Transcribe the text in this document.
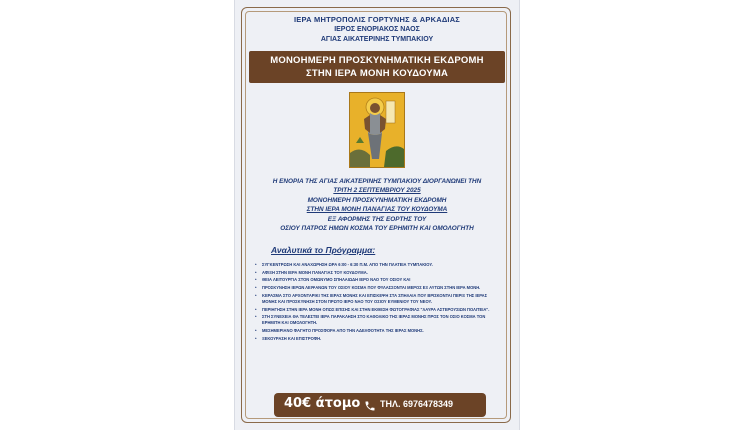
ΙΕΡΑ ΜΗΤΡΟΠΟΛΙΣ ΓΟΡΤΥΝΗΣ & ΑΡΚΑΔΙΑΣ
ΙΕΡΟΣ ΕΝΟΡΙΑΚΟΣ ΝΑΟΣ
ΑΓΙΑΣ ΑΙΚΑΤΕΡΙΝΗΣ ΤΥΜΠΑΚΙΟΥ
ΜΟΝΟΗΜΕΡΗ ΠΡΟΣΚΥΝΗΜΑΤΙΚΗ ΕΚΔΡΟΜΗ
ΣΤΗΝ ΙΕΡΑ ΜΟΝΗ ΚΟΥΔΟΥΜΑ
Η ΕΝΟΡΙΑ ΤΗΣ ΑΓΙΑΣ ΑΙΚΑΤΕΡΙΝΗΣ ΤΥΜΠΑΚΙΟΥ ΔΙΟΡΓΑΝΩΝΕΙ ΤΗΝ
ΤΡΙΤΗ 2 ΣΕΠΤΕΜΒΡΙΟΥ 2025
ΜΟΝΟΗΜΕΡΗ ΠΡΟΣΚΥΝΗΜΑΤΙΚΗ ΕΚΔΡΟΜΗ
ΣΤΗΝ ΙΕΡΑ ΜΟΝΗ ΠΑΝΑΓΙΑΣ ΤΟΥ ΚΟΥΔΟΥΜΑ
ΕΞ ΑΦΟΡΜΗΣ ΤΗΣ ΕΟΡΤΗΣ ΤΟΥ
ΟΣΙΟΥ ΠΑΤΡΟΣ ΗΜΩΝ ΚΟΣΜΑ ΤΟΥ ΕΡΗΜΙΤΗ ΚΑΙ ΟΜΟΛΟΓΗΤΗ
Αναλυτικά το Πρόγραμμα:
• ΣΥΓΚΕΝΤΡΩΣΗ ΚΑΙ ΑΝΑΧΩΡΗΣΗ ΩΡΑ 6:00 - 6:30 Π.Μ. ΑΠΟ ΤΗΝ ΠΛΑΤΕΙΑ ΤΥΜΠΑΚΙΟΥ.
• ΑΦΙΞΗ ΣΤΗΝ ΙΕΡΑ ΜΟΝΗ ΠΑΝΑΓΙΑΣ ΤΟΥ ΚΟΥΔΟΥΜΑ.
• ΘΕΙΑ ΛΕΙΤΟΥΡΓΙΑ ΣΤΟΝ ΟΜΩΝΥΜΟ ΣΠΗΛΑΙΩΔΗ ΙΕΡΟ ΝΑΟ ΤΟΥ ΟΣΙΟΥ ΚΑΙ
• ΠΡΟΣΚΥΝΗΣΗ ΙΕΡΩΝ ΛΕΙΨΑΝΩΝ ΤΟΥ ΟΣΙΟΥ ΚΟΣΜΑ ΠΟΥ ΦΥΛΑΣΣΟΝΤΑΙ ΜΕΡΟΣ ΕΞ ΑΥΤΩΝ ΣΤΗΝ ΙΕΡΑ ΜΟΝΗ.
• ΚΕΡΑΣΜΑ ΣΤΟ ΑΡΧΟΝΤΑΡΙΚΙ ΤΗΣ ΙΕΡΑΣ ΜΟΝΗΣ ΚΑΙ ΕΠΙΣΚΕΨΗ ΣΤΑ ΣΠΗΛΑΙΑ ΠΟΥ ΒΡΙΣΚΟΝΤΑΙ ΠΕΡΙΞ ΤΗΣ ΙΕΡΑΣ ΜΟΝΗΣ ΚΑΙ ΠΡΟΣΚΥΝΗΣΗ ΣΤΟΝ ΠΡΩΤΟ ΙΕΡΟ ΝΑΟ ΤΟΥ ΟΣΙΟΥ ΕΥΜΕΝΙΟΥ ΤΟΥ ΝΕΟΥ.
• ΠΕΡΙΗΓΗΣΗ ΣΤΗΝ ΙΕΡΑ ΜΟΝΗ ΟΠΩΣ ΕΠΙΣΗΣ ΚΑΙ ΣΤΗΝ ΕΚΘΕΣΗ ΦΩΤΟΓΡΑΦΙΑΣ "ΛΑΥΡΑ ΑΣΤΕΡΟΥΣΙΩΝ ΠΟΛΙΤΕΙΑ".
• ΣΤΗ ΣΥΝΕΧΕΙΑ ΘΑ ΤΕΛΕΣΤΕΙ ΙΕΡΑ ΠΑΡΑΚΛΗΣΗ ΣΤΟ ΚΑΘΟΛΙΚΟ ΤΗΣ ΙΕΡΑΣ ΜΟΝΗΣ ΠΡΟΣ ΤΟΝ ΟΣΙΟ ΚΟΣΜΑ ΤΟΝ ΕΡΗΜΙΤΗ ΚΑΙ ΟΜΟΛΟΓΗΤΗ.
• ΜΕΣΗΜΕΡΙΑΝΟ ΦΑΓΗΤΟ ΠΡΟΣΦΟΡΑ ΑΠΟ ΤΗΝ ΑΔΕΛΦΟΤΗΤΑ ΤΗΣ ΙΕΡΑΣ ΜΟΝΗΣ.
• ΞΕΚΟΥΡΑΣΗ ΚΑΙ ΕΠΙΣΤΡΟΦΗ.
40€ άτομο ΤΗΛ. 6976478349
